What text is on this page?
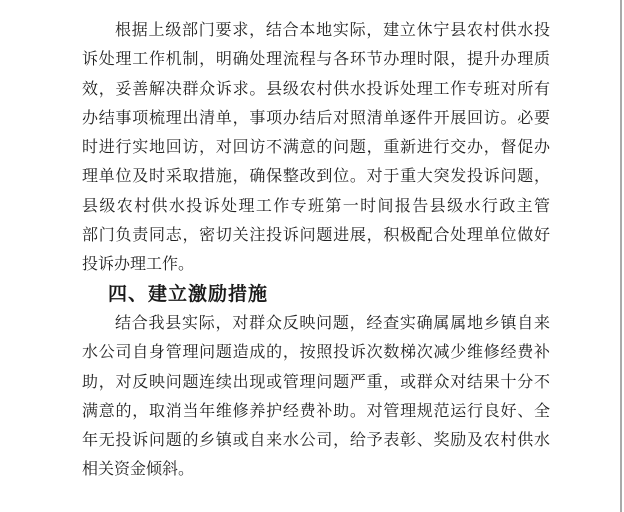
根据上级部门要求，结合本地实际，建立休宁县农村供水投

诉处理工作机制，明确处理流程与各环节办理时限，提升办理质

效，妥善解决群众诉求。县级农村供水投诉处理工作专班对所有

办结事项梳理出清单，事项办结后对照清单逐件开展回访。必要

时进行实地回访，对回访不满意的问题，重新进行交办，督促办

理单位及时采取措施，确保整改到位。对于重大突发投诉问题，

县级农村供水投诉处理工作专班第一时间报告县级水行政主管

部门负责同志，密切关注投诉问题进展，积极配合处理单位做好

投诉办理工作。

四、建立激励措施

结合我县实际，对群众反映问题，经查实确属属地乡镇自来

水公司自身管理问题造成的，按照投诉次数梯次减少维修经费补

助，对反映问题连续出现或管理问题严重，或群众对结果十分不

满意的，取消当年维修养护经费补助。对管理规范运行良好、全

年无投诉问题的乡镇或自来水公司，给予表彰、奖励及农村供水

相关资金倾斜。
